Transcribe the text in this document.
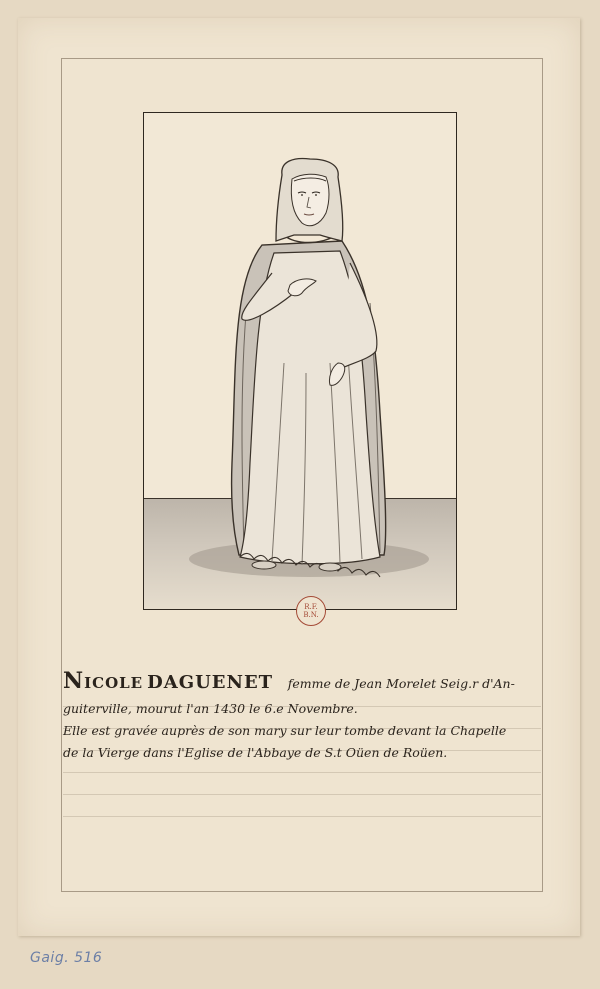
R.F.
B.N.
Nicole DAGUENET femme de Jean Morelet Seig.r d'An-
guiterville, mourut l'an 1430 le 6.e Novembre.
Elle est gravée auprès de son mary sur leur tombe devant la Chapelle
de la Vierge dans l'Eglise de l'Abbaye de S.t Oüen de Roüen.
Gaig. 516
